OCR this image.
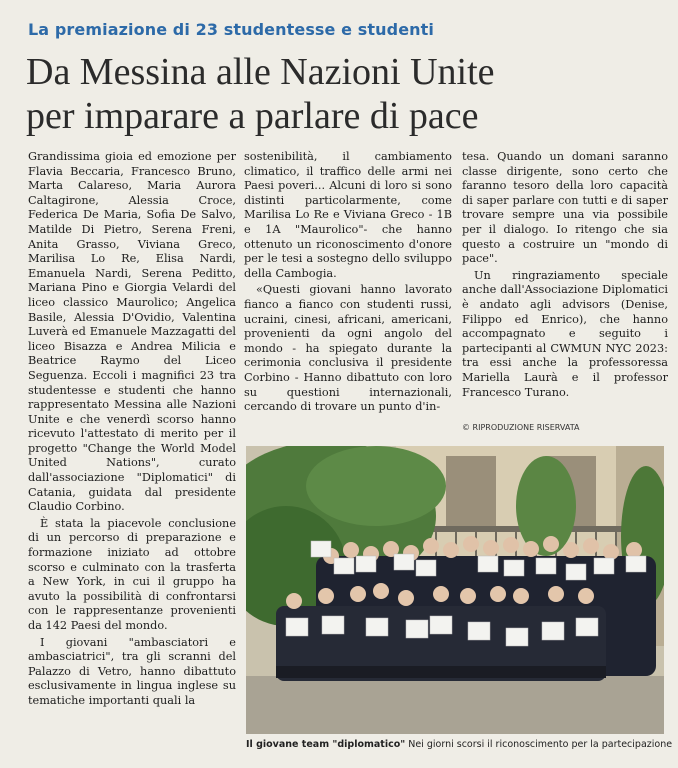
La premiazione di 23 studentesse e studenti
Da Messina alle Nazioni Unite
per imparare a parlare di pace

Grandissima gioia ed emozione per Flavia Beccaria, Francesco Bruno, Marta Calareso, Maria Aurora Caltagirone, Alessia Croce, Federica De Maria, Sofia De Salvo, Matilde Di Pietro, Serena Freni, Anita Grasso, Viviana Greco, Marilisa Lo Re, Elisa Nardi, Emanuela Nardi, Serena Peditto, Mariana Pino e Giorgia Velardi del liceo classico Maurolico; Angelica Basile, Alessia D'Ovidio, Valentina Luverà ed Emanuele Mazzagatti del liceo Bisazza e Andrea Milicia e Beatrice Raymo del Liceo Seguenza. Eccoli i magnifici 23 tra studentesse e studenti che hanno rappresentato Messina alle Nazioni Unite e che venerdì scorso hanno ricevuto l'attestato di merito per il progetto "Change the World Model United Nations", curato dall'associazione "Diplomatici" di Catania, guidata dal presidente Claudio Corbino.

È stata la piacevole conclusione di un percorso di preparazione e formazione iniziato ad ottobre scorso e culminato con la trasferta a New York, in cui il gruppo ha avuto la possibilità di confrontarsi con le rappresentanze provenienti da 142 Paesi del mondo.

I giovani "ambasciatori e ambasciatrici", tra gli scranni del Palazzo di Vetro, hanno dibattuto esclusivamente in lingua inglese su tematiche importanti quali la

sostenibilità, il cambiamento climatico, il traffico delle armi nei Paesi poveri... Alcuni di loro si sono distinti particolarmente, come Marilisa Lo Re e Viviana Greco - 1B e 1A "Maurolico"- che hanno ottenuto un riconoscimento d'onore per le tesi a sostegno dello sviluppo della Cambogia.

«Questi giovani hanno lavorato fianco a fianco con studenti russi, ucraini, cinesi, africani, americani, provenienti da ogni angolo del mondo - ha spiegato durante la cerimonia conclusiva il presidente Corbino - Hanno dibattuto con loro su questioni internazionali, cercando di trovare un punto d'in-

tesa. Quando un domani saranno classe dirigente, sono certo che faranno tesoro della loro capacità di saper parlare con tutti e di saper trovare sempre una via possibile per il dialogo. Io ritengo che sia questo a costruire un "mondo di pace".

Un ringraziamento speciale anche dall'Associazione Diplomatici è andato agli advisors (Denise, Filippo ed Enrico), che hanno accompagnato e seguito i partecipanti al CWMUN NYC 2023: tra essi anche la professoressa Mariella Laurà e il professor Francesco Turano.

© RIPRODUZIONE RISERVATA
Il giovane team "diplomatico" Nei giorni scorsi il riconoscimento per la partecipazione
